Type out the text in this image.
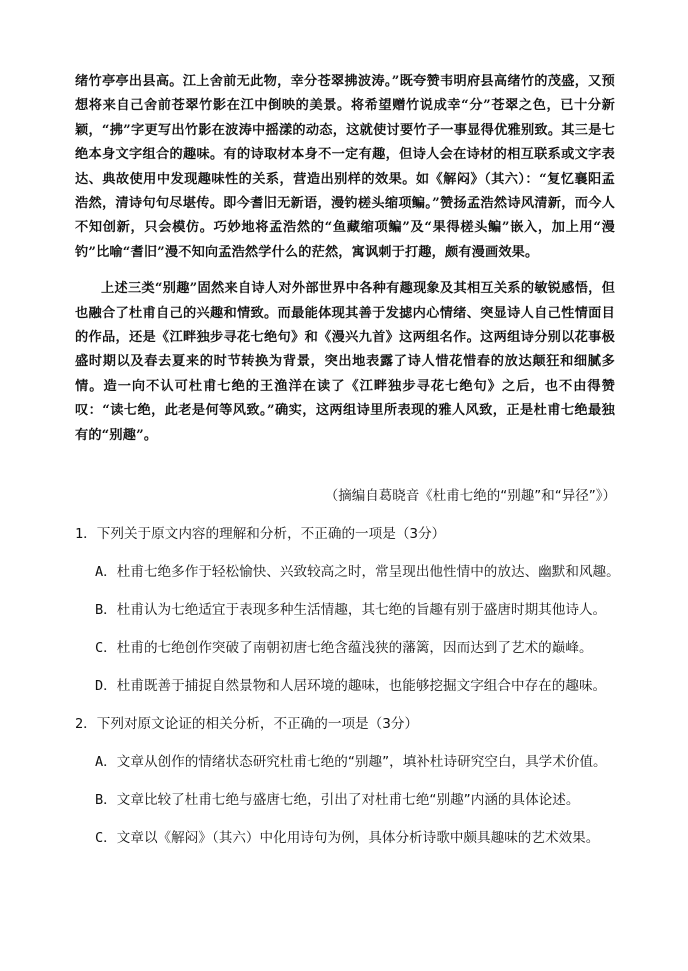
绪竹亭亭出县高。江上舍前无此物，幸分苍翠拂波涛。”既夸赞韦明府县高绪竹的茂盛，又预想将来自己舍前苍翠竹影在江中倒映的美景。将希望赠竹说成幸“分”苍翠之色，已十分新颖，“拂”字更写出竹影在波涛中摇漾的动态，这就使讨要竹子一事显得优雅别致。其三是七绝本身文字组合的趣味。有的诗取材本身不一定有趣，但诗人会在诗材的相互联系或文字表达、典故使用中发现趣味性的关系，营造出别样的效果。如《解闷》（其六）：“复忆襄阳孟浩然，清诗句句尽堪传。即今耆旧无新语，漫钓槎头缩项鳊。”赞扬孟浩然诗风清新，而今人不知创新，只会模仿。巧妙地将孟浩然的“鱼藏缩项鳊”及“果得槎头鳊”嵌入，加上用“漫钓”比喻“耆旧”漫不知向孟浩然学什么的茫然，寓讽刺于打趣，颇有漫画效果。

上述三类“别趣”固然来自诗人对外部世界中各种有趣现象及其相互关系的敏锐感悟，但也融合了杜甫自己的兴趣和情致。而最能体现其善于发摅内心情绪、突显诗人自己性情面目的作品，还是《江畔独步寻花七绝句》和《漫兴九首》这两组名作。这两组诗分别以花事极盛时期以及春去夏来的时节转换为背景，突出地表露了诗人惜花惜春的放达颠狂和细腻多情。造一向不认可杜甫七绝的王渔洋在读了《江畔独步寻花七绝句》之后，也不由得赞叹：“读七绝，此老是何等风致。”确实，这两组诗里所表现的雅人风致，正是杜甫七绝最独有的“别趣”。

（摘编自葛晓音《杜甫七绝的“别趣”和“异径”》）
1．下列关于原文内容的理解和分析，不正确的一项是（3分）
A．杜甫七绝多作于轻松愉快、兴致较高之时，常呈现出他性情中的放达、幽默和风趣。
B．杜甫认为七绝适宜于表现多种生活情趣，其七绝的旨趣有别于盛唐时期其他诗人。
C．杜甫的七绝创作突破了南朝初唐七绝含蕴浅狭的藩篱，因而达到了艺术的巅峰。
D．杜甫既善于捕捉自然景物和人居环境的趣味，也能够挖掘文字组合中存在的趣味。
2．下列对原文论证的相关分析，不正确的一项是（3分）
A．文章从创作的情绪状态研究杜甫七绝的“别趣”，填补杜诗研究空白，具学术价值。
B．文章比较了杜甫七绝与盛唐七绝，引出了对杜甫七绝“别趣”内涵的具体论述。
C．文章以《解闷》（其六）中化用诗句为例，具体分析诗歌中颇具趣味的艺术效果。
